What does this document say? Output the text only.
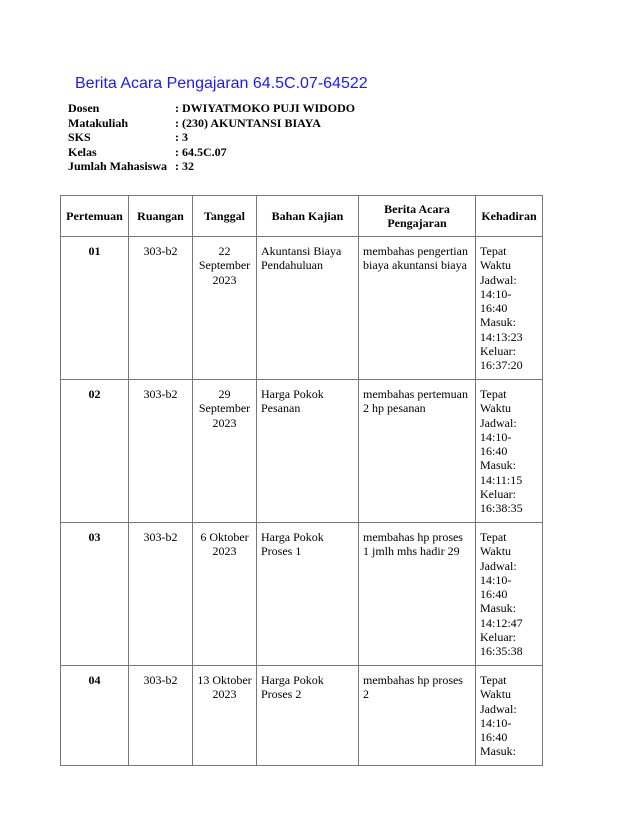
Berita Acara Pengajaran 64.5C.07-64522
Dosen	: DWIYATMOKO PUJI WIDODO
Matakuliah	: (230) AKUNTANSI BIAYA
SKS	: 3
Kelas	: 64.5C.07
Jumlah Mahasiswa : 32
Pertemuan	Ruangan	Tanggal	Bahan Kajian	Berita Acara Pengajaran	Kehadiran
01	303-b2	22 September 2023	Akuntansi Biaya Pendahuluan	membahas pengertian biaya akuntansi biaya	Tepat Waktu Jadwal: 14:10-16:40 Masuk: 14:13:23 Keluar: 16:37:20
02	303-b2	29 September 2023	Harga Pokok Pesanan	membahas pertemuan 2 hp pesanan	Tepat Waktu Jadwal: 14:10-16:40 Masuk: 14:11:15 Keluar: 16:38:35
03	303-b2	6 Oktober 2023	Harga Pokok Proses 1	membahas hp proses 1 jmlh mhs hadir 29	Tepat Waktu Jadwal: 14:10-16:40 Masuk: 14:12:47 Keluar: 16:35:38
04	303-b2	13 Oktober 2023	Harga Pokok Proses 2	membahas hp proses 2	Tepat Waktu Jadwal: 14:10-16:40 Masuk:
